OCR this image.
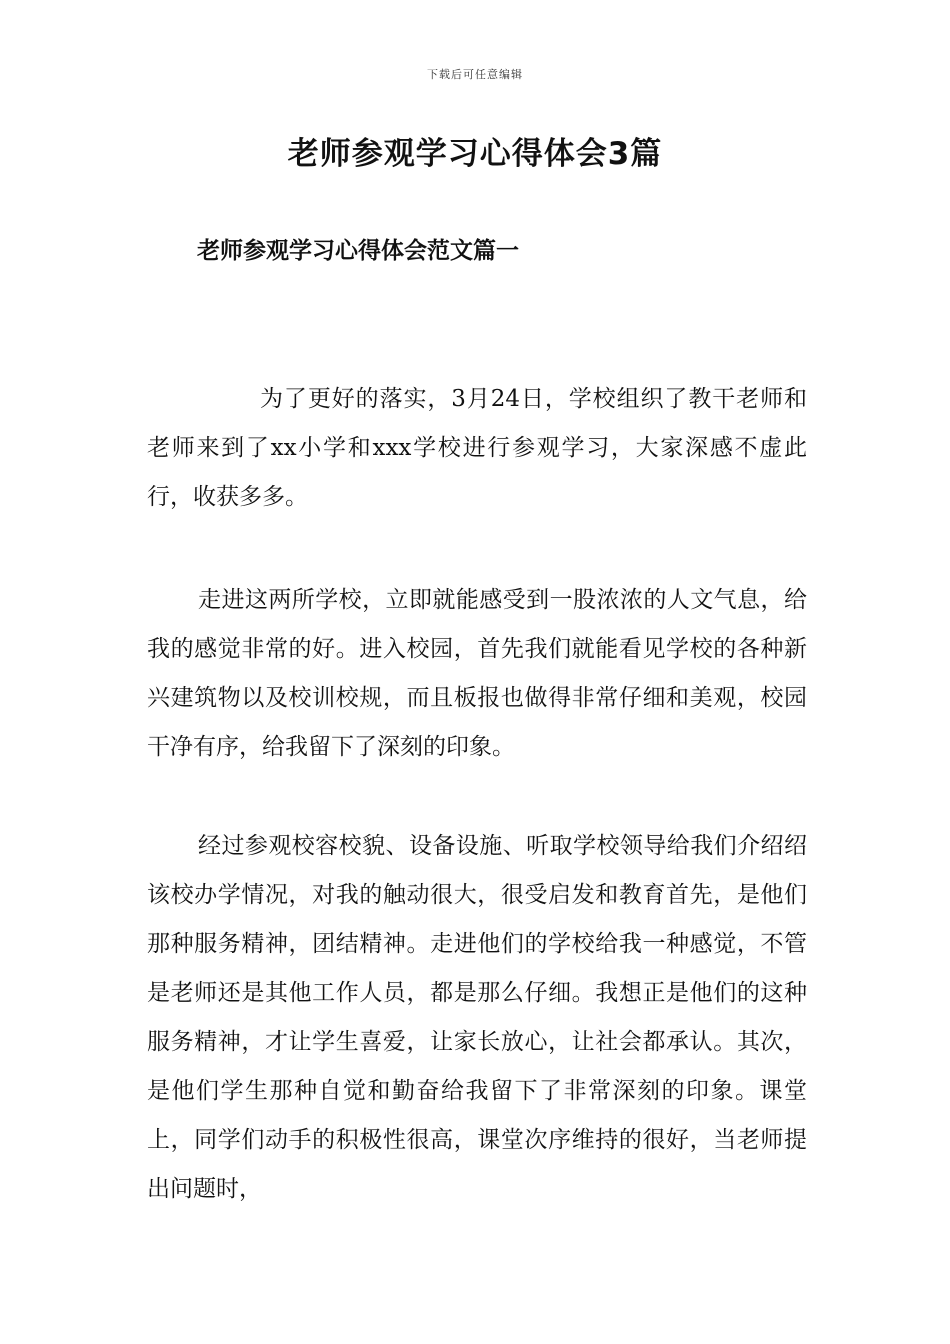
下载后可任意编辑
老师参观学习心得体会3篇
老师参观学习心得体会范文篇一

为了更好的落实，3月24日，学校组织了教干老师和老师来到了xx小学和xxx学校进行参观学习，大家深感不虚此行，收获多多。

走进这两所学校，立即就能感受到一股浓浓的人文气息，给我的感觉非常的好。进入校园，首先我们就能看见学校的各种新兴建筑物以及校训校规，而且板报也做得非常仔细和美观，校园干净有序，给我留下了深刻的印象。

经过参观校容校貌、设备设施、听取学校领导给我们介绍绍该校办学情况，对我的触动很大，很受启发和教育首先，是他们那种服务精神，团结精神。走进他们的学校给我一种感觉，不管是老师还是其他工作人员，都是那么仔细。我想正是他们的这种服务精神，才让学生喜爱，让家长放心，让社会都承认。其次，是他们学生那种自觉和勤奋给我留下了非常深刻的印象。课堂上，同学们动手的积极性很高，课堂次序维持的很好，当老师提出问题时，
